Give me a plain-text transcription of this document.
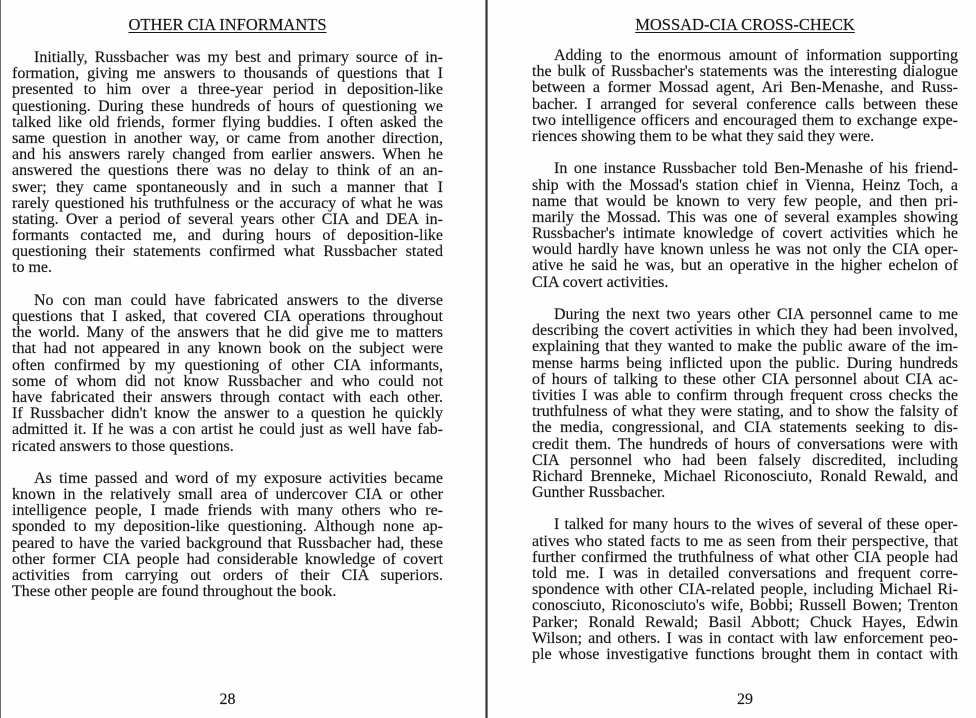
OTHER CIA INFORMANTS
Initially, Russbacher was my best and primary source of in-
formation, giving me answers to thousands of questions that I
presented to him over a three-year period in deposition-like
questioning. During these hundreds of hours of questioning we
talked like old friends, former flying buddies. I often asked the
same question in another way, or came from another direction,
and his answers rarely changed from earlier answers. When he
answered the questions there was no delay to think of an an-
swer; they came spontaneously and in such a manner that I
rarely questioned his truthfulness or the accuracy of what he was
stating. Over a period of several years other CIA and DEA in-
formants contacted me, and during hours of deposition-like
questioning their statements confirmed what Russbacher stated
to me.
No con man could have fabricated answers to the diverse
questions that I asked, that covered CIA operations throughout
the world. Many of the answers that he did give me to matters
that had not appeared in any known book on the subject were
often confirmed by my questioning of other CIA informants,
some of whom did not know Russbacher and who could not
have fabricated their answers through contact with each other.
If Russbacher didn't know the answer to a question he quickly
admitted it. If he was a con artist he could just as well have fab-
ricated answers to those questions.
As time passed and word of my exposure activities became
known in the relatively small area of undercover CIA or other
intelligence people, I made friends with many others who re-
sponded to my deposition-like questioning. Although none ap-
peared to have the varied background that Russbacher had, these
other former CIA people had considerable knowledge of covert
activities from carrying out orders of their CIA superiors.
These other people are found throughout the book.
28
MOSSAD-CIA CROSS-CHECK
Adding to the enormous amount of information supporting
the bulk of Russbacher's statements was the interesting dialogue
between a former Mossad agent, Ari Ben-Menashe, and Russ-
bacher. I arranged for several conference calls between these
two intelligence officers and encouraged them to exchange expe-
riences showing them to be what they said they were.
In one instance Russbacher told Ben-Menashe of his friend-
ship with the Mossad's station chief in Vienna, Heinz Toch, a
name that would be known to very few people, and then pri-
marily the Mossad. This was one of several examples showing
Russbacher's intimate knowledge of covert activities which he
would hardly have known unless he was not only the CIA oper-
ative he said he was, but an operative in the higher echelon of
CIA covert activities.
During the next two years other CIA personnel came to me
describing the covert activities in which they had been involved,
explaining that they wanted to make the public aware of the im-
mense harms being inflicted upon the public. During hundreds
of hours of talking to these other CIA personnel about CIA ac-
tivities I was able to confirm through frequent cross checks the
truthfulness of what they were stating, and to show the falsity of
the media, congressional, and CIA statements seeking to dis-
credit them. The hundreds of hours of conversations were with
CIA personnel who had been falsely discredited, including
Richard Brenneke, Michael Riconosciuto, Ronald Rewald, and
Gunther Russbacher.
I talked for many hours to the wives of several of these oper-
atives who stated facts to me as seen from their perspective, that
further confirmed the truthfulness of what other CIA people had
told me. I was in detailed conversations and frequent corre-
spondence with other CIA-related people, including Michael Ri-
conosciuto, Riconosciuto's wife, Bobbi; Russell Bowen; Trenton
Parker; Ronald Rewald; Basil Abbott; Chuck Hayes, Edwin
Wilson; and others. I was in contact with law enforcement peo-
ple whose investigative functions brought them in contact with
29
